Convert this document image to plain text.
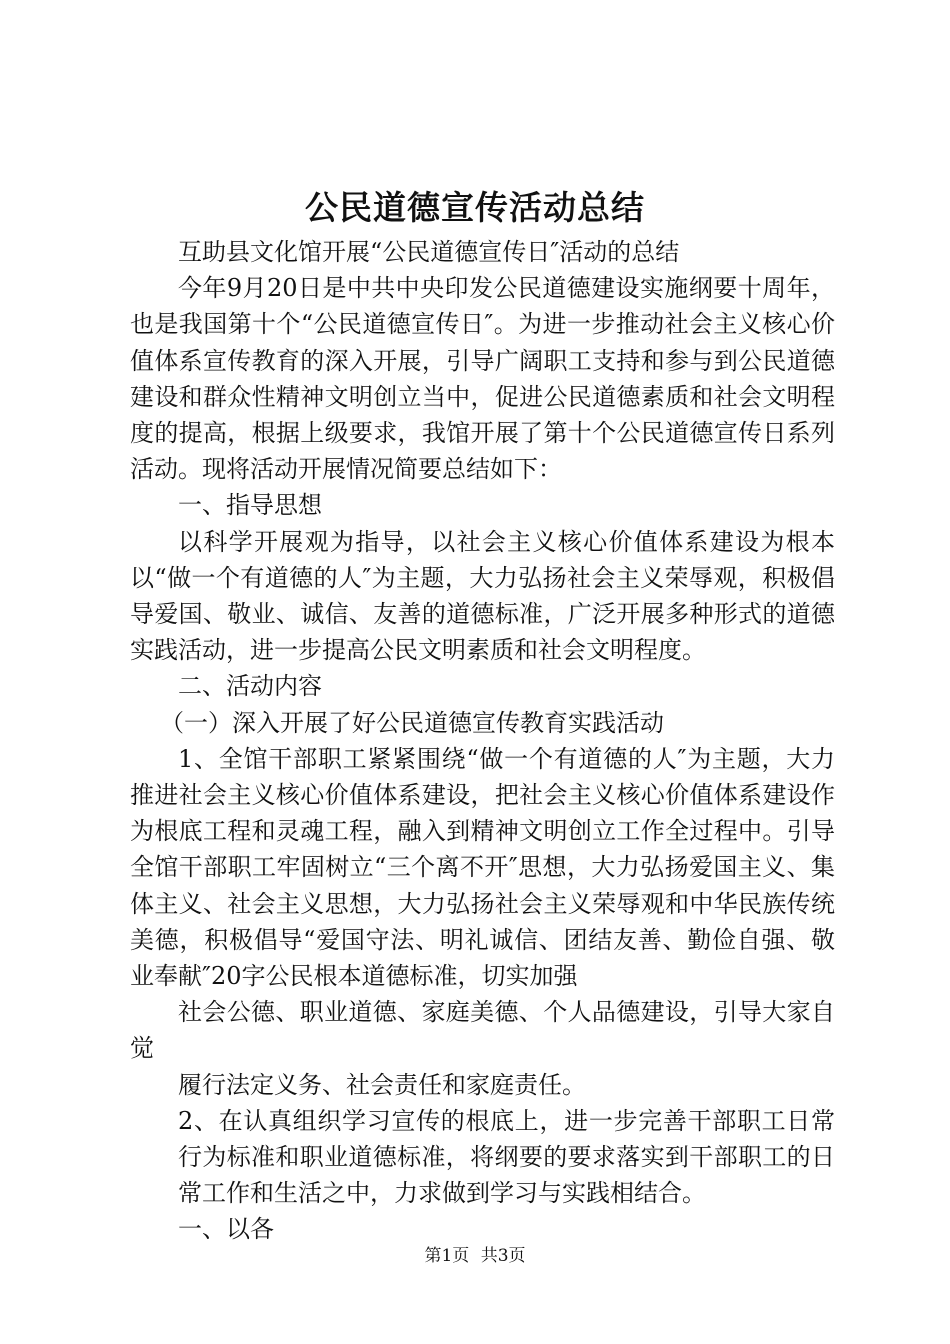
公民道德宣传活动总结

互助县文化馆开展“公民道德宣传日″活动的总结

今年9月20日是中共中央印发公民道德建设实施纲要十周年，也是我国第十个“公民道德宣传日″。为进一步推动社会主义核心价值体系宣传教育的深入开展，引导广阔职工支持和参与到公民道德建设和群众性精神文明创立当中，促进公民道德素质和社会文明程度的提高，根据上级要求，我馆开展了第十个公民道德宣传日系列活动。现将活动开展情况简要总结如下：

一、指导思想

以科学开展观为指导，以社会主义核心价值体系建设为根本以“做一个有道德的人″为主题，大力弘扬社会主义荣辱观，积极倡导爱国、敬业、诚信、友善的道德标准，广泛开展多种形式的道德实践活动，进一步提高公民文明素质和社会文明程度。

二、活动内容

（一）深入开展了好公民道德宣传教育实践活动

1、全馆干部职工紧紧围绕“做一个有道德的人″为主题，大力推进社会主义核心价值体系建设，把社会主义核心价值体系建设作为根底工程和灵魂工程，融入到精神文明创立工作全过程中。引导全馆干部职工牢固树立“三个离不开″思想，大力弘扬爱国主义、集体主义、社会主义思想，大力弘扬社会主义荣辱观和中华民族传统美德，积极倡导“爱国守法、明礼诚信、团结友善、勤俭自强、敬业奉献″20字公民根本道德标准，切实加强

社会公德、职业道德、家庭美德、个人品德建设，引导大家自觉

履行法定义务、社会责任和家庭责任。

2、在认真组织学习宣传的根底上，进一步完善干部职工日常行为标准和职业道德标准，将纲要的要求落实到干部职工的日常工作和生活之中，力求做到学习与实践相结合。

一、以各

第1页 共3页
